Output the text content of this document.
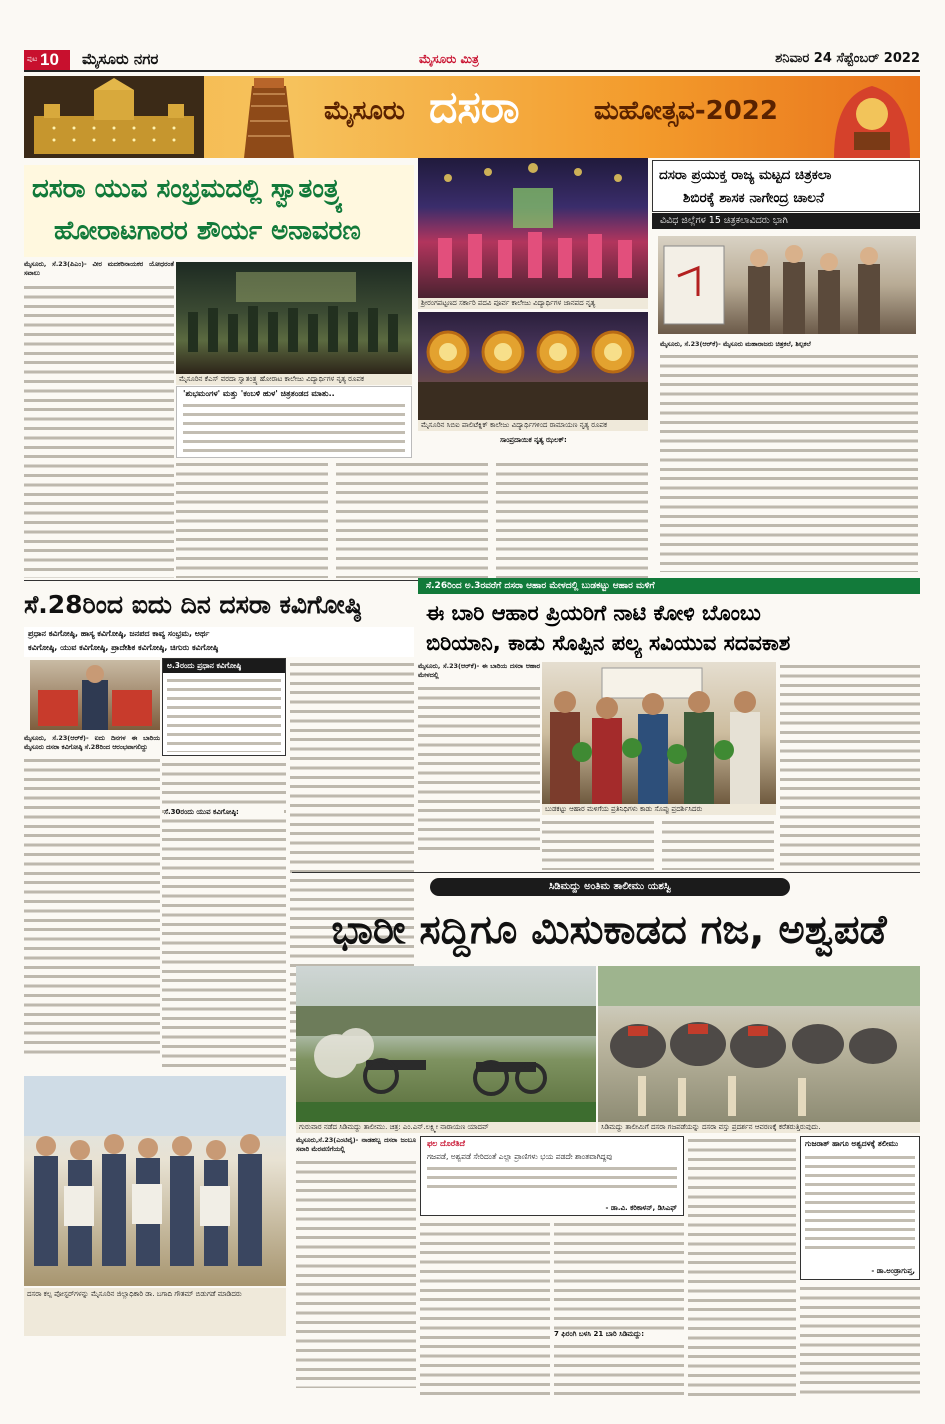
ಪುಟ 10 ಮೈಸೂರು ನಗರ	ಮೈಸೂರು ಮಿತ್ರ	ಶನಿವಾರ 24 ಸೆಪ್ಟೆಂಬರ್ 2022
ಮೈಸೂರು ದಸರಾ	ಮಹೋತ್ಸವ-2022
ದಸರಾ ಯುವ ಸಂಭ್ರಮದಲ್ಲಿ ಸ್ವಾತಂತ್ರ್ಯ
ಹೋರಾಟಗಾರರ ಶೌರ್ಯ ಅನಾವರಣ
ಮೈಸೂರು, ಸೆ.23(ಪಿಎಂ)- ವೀರ ಮದಕರಿನಾಯಕರ ಯೋಧರಂತೆ ಸವಾಲು
ಮೈಸೂರಿನ ಕೆಎಸ್ ವರದಾ ಸ್ವಾತಂತ್ರ್ಯ ಹೋರಾಟ ಕಾಲೇಜು ವಿದ್ಯಾರ್ಥಿಗಳ ನೃತ್ಯ ರೂಪಕ
ಶ್ರೀರಂಗಪಟ್ಟಣದ ಸರ್ಕಾರಿ ಪದವಿ ಪೂರ್ವ ಕಾಲೇಜು ವಿದ್ಯಾರ್ಥಿಗಳ ಜಾನಪದ ನೃತ್ಯ
ಮೈಸೂರಿನ ಸಿಬಿಐ ಪಾಲಿಟೆಕ್ನಿಕ್ ಕಾಲೇಜು ವಿದ್ಯಾರ್ಥಿಗಳಿಂದ ರಾಮಾಯಣ ನೃತ್ಯ ರೂಪಕ
'ಶುಭಮಂಗಳ' ಮತ್ತು 'ಕಂಬಳಿ ಹುಳ' ಚಿತ್ರತಂಡದ ಮಾತು..
ಸಾಂಪ್ರದಾಯಿಕ ನೃತ್ಯ ಝಲಕ್:
ದಸರಾ ಪ್ರಯುಕ್ತ ರಾಜ್ಯ ಮಟ್ಟದ ಚಿತ್ರಕಲಾ
ಶಿಬಿರಕ್ಕೆ ಶಾಸಕ ನಾಗೇಂದ್ರ ಚಾಲನೆ
ವಿವಿಧ ಜಿಲ್ಲೆಗಳ 15 ಚಿತ್ರಕಲಾವಿದರು ಭಾಗಿ
ಮೈಸೂರು, ಸೆ.23(ಆರ್‌ಕೆ)- ಮೈಸೂರು ಮಹಾರಾಜರು ಚಿತ್ರಕಲೆ, ಶಿಲ್ಪಕಲೆ
ಸೆ.28ರಿಂದ ಐದು ದಿನ ದಸರಾ ಕವಿಗೋಷ್ಠಿ
ಪ್ರಧಾನ ಕವಿಗೋಷ್ಠಿ, ಹಾಸ್ಯ ಕವಿಗೋಷ್ಠಿ, ಜನಪದ ಕಾವ್ಯ ಸಂಭ್ರಮ, ಅರ್ಥ
ಕವಿಗೋಷ್ಠಿ, ಯುವ ಕವಿಗೋಷ್ಠಿ, ಪ್ರಾದೇಶಿಕ ಕವಿಗೋಷ್ಠಿ, ಚಿಗುರು ಕವಿಗೋಷ್ಠಿ
ಅ.3ರಂದು ಪ್ರಧಾನ ಕವಿಗೋಷ್ಠಿ
ಮೈಸೂರು, ಸೆ.23(ಆರ್‌ಕೆ)- ಐದು ದಿನಗಳ ಈ ಬಾರಿಯ ಮೈಸೂರು ದಸರಾ ಕವಿಗೋಷ್ಠಿ ಸೆ.28ರಿಂದ ಆರಂಭವಾಗಲಿದ್ದು
ಸೆ.30ರಂದು ಯುವ ಕವಿಗೋಷ್ಠಿ:
ದಸರಾ ಕಲ್ಪ ಪೋಸ್ಟರ್‌ಗಳನ್ನು ಮೈಸೂರಿನ ಜಿಲ್ಲಾಧಿಕಾರಿ ಡಾ. ಬಗಾದಿ ಗೌತಮ್ ಬಿಡುಗಡೆ ಮಾಡಿದರು
ಸೆ.26ರಿಂದ ಅ.3ರವರೆಗೆ ದಸರಾ ಆಹಾರ ಮೇಳದಲ್ಲಿ ಬುಡಕಟ್ಟು ಆಹಾರ ಮಳಿಗೆ
ಈ ಬಾರಿ ಆಹಾರ ಪ್ರಿಯರಿಗೆ ನಾಟಿ ಕೋಳಿ ಬೊಂಬು
ಬಿರಿಯಾನಿ, ಕಾಡು ಸೊಪ್ಪಿನ ಪಲ್ಯ ಸವಿಯುವ ಸದವಕಾಶ
ಮೈಸೂರು, ಸೆ.23(ಆರ್‌ಕೆ)- ಈ ಬಾರಿಯ ದಸರಾ ಆಹಾರ ಮೇಳದಲ್ಲಿ
ಬುಡಕಟ್ಟು ಆಹಾರ ಮಳಿಗೆಯ ಪ್ರತಿನಿಧಿಗಳು ಕಾಡು ಸೊಪ್ಪು ಪ್ರದರ್ಶಿಸಿದರು
ಸಿಡಿಮದ್ದು ಅಂತಿಮ ತಾಲೀಮು ಯಶಸ್ವಿ
ಭಾರೀ ಸದ್ದಿಗೂ ಮಿಸುಕಾಡದ ಗಜ, ಅಶ್ವಪಡೆ
ಗುರುವಾರ ನಡೆದ ಸಿಡಿಮದ್ದು ತಾಲೀಮು. ಚಿತ್ರ: ಎಂ.ಎನ್.ಲಕ್ಷ್ಮೀ ನಾರಾಯಣ ಯಾದವ್	ಸಿಡಿಮದ್ದು ತಾಲೀಮಿಗೆ ದಸರಾ ಗಜಪಡೆಯನ್ನು ದಸರಾ ವಸ್ತು ಪ್ರದರ್ಶನ ಆವರಣಕ್ಕೆ ಕರೆತರುತ್ತಿರುವುದು.
ಮೈಸೂರು,ಸೆ.23(ಎಂಟಿವೈ)- ನಾಡಹಬ್ಬ ದಸರಾ ಜಂಬೂ ಸವಾರಿ ಮೆರವಣಿಗೆಯಲ್ಲಿ
ಫಲ ದೊರೆತಿದೆ
ಗಜಪಡೆ, ಅಶ್ವಪಡೆ ಸೇರಿದಂತೆ ಎಲ್ಲಾ ಪ್ರಾಣಿಗಳು ಭಯ ಪಡದೇ ಶಾಂತವಾಗಿದ್ದವು
- ಡಾ.ವಿ. ಕರಿಕಾಳನ್, ಡಿಸಿಎಫ್
7 ಫಿರಂಗಿ ಬಳಸಿ 21 ಬಾರಿ ಸಿಡಿಮದ್ದು:
ಗುಜರಾತ್ ಹಾಗೂ ಅಶ್ವದಳಕ್ಕೆ ತಲೀಮು
- ಡಾ.ಅಂಡ್ರಾಗುಪ್ತ,
